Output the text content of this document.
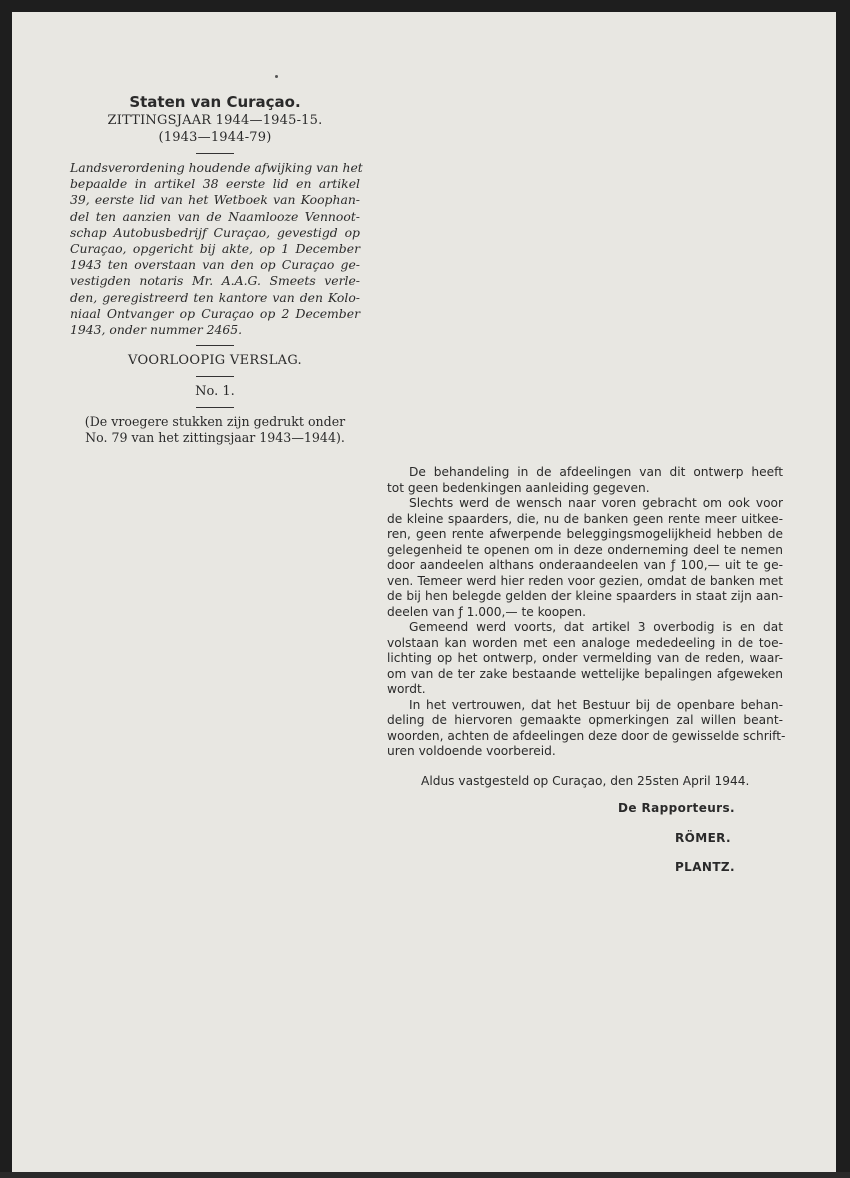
Staten van Curaçao.

ZITTINGSJAAR 1944—1945-15.

(1943—1944-79)

Landsverordening houdende afwijking van het
bepaalde in artikel 38 eerste lid en artikel
39, eerste lid van het Wetboek van Koophan-
del ten aanzien van de Naamlooze Vennoot-
schap Autobusbedrijf Curaçao, gevestigd op
Curaçao, opgericht bij akte, op 1 December
1943 ten overstaan van den op Curaçao ge-
vestigden notaris Mr. A.A.G. Smeets verle-
den, geregistreerd ten kantore van den Kolo-
niaal Ontvanger op Curaçao op 2 December
1943, onder nummer 2465.

VOORLOOPIG VERSLAG.

No. 1.

(De vroegere stukken zijn gedrukt onder
No. 79 van het zittingsjaar 1943—1944).

De behandeling in de afdeelingen van dit ontwerp heeft
tot geen bedenkingen aanleiding gegeven.

Slechts werd de wensch naar voren gebracht om ook voor
de kleine spaarders, die, nu de banken geen rente meer uitkee-
ren, geen rente afwerpende beleggingsmogelijkheid hebben de
gelegenheid te openen om in deze onderneming deel te nemen
door aandeelen althans onderaandeelen van ƒ 100,— uit te ge-
ven. Temeer werd hier reden voor gezien, omdat de banken met
de bij hen belegde gelden der kleine spaarders in staat zijn aan-
deelen van ƒ 1.000,— te koopen.

Gemeend werd voorts, dat artikel 3 overbodig is en dat
volstaan kan worden met een analoge mededeeling in de toe-
lichting op het ontwerp, onder vermelding van de reden, waar-
om van de ter zake bestaande wettelijke bepalingen afgeweken
wordt.

In het vertrouwen, dat het Bestuur bij de openbare behan-
deling de hiervoren gemaakte opmerkingen zal willen beant-
woorden, achten de afdeelingen deze door de gewisselde schrift-
uren voldoende voorbereid.

Aldus vastgesteld op Curaçao, den 25sten April 1944.

De Rapporteurs.

RÖMER.

PLANTZ.
